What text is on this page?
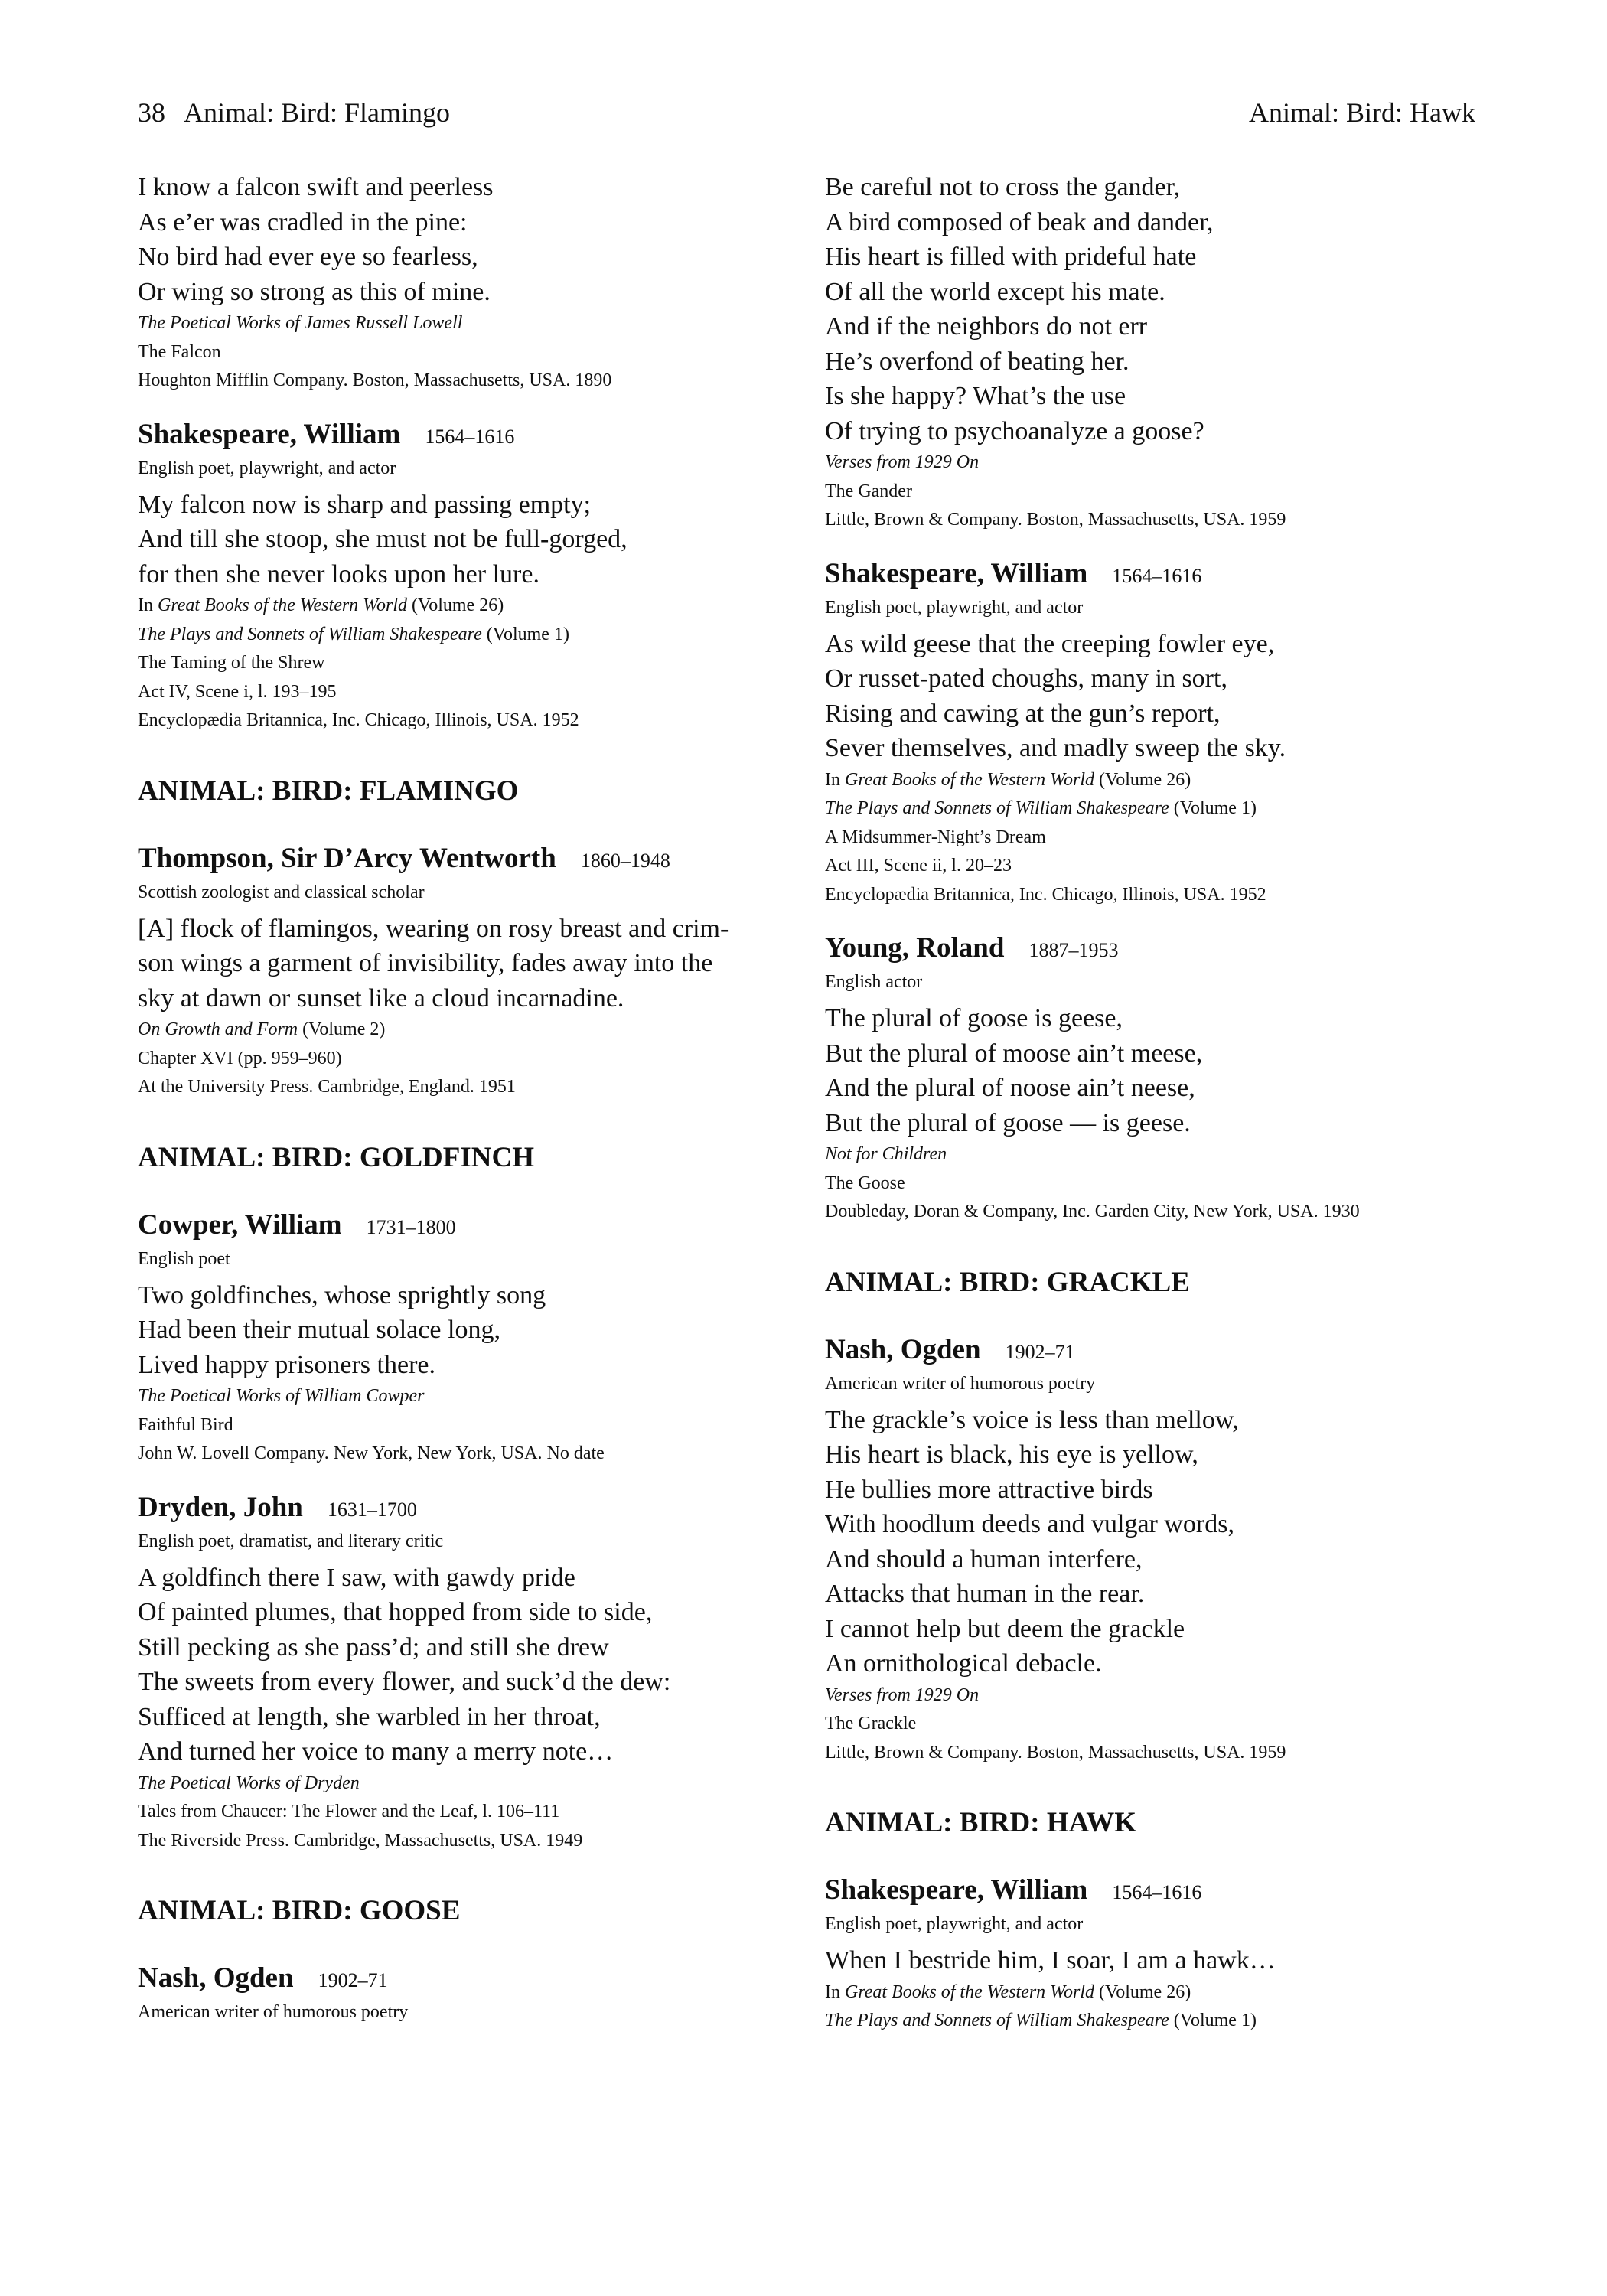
38 Animal: Bird: Flamingo	Animal: Bird: Hawk
I know a falcon swift and peerless
As e’er was cradled in the pine:
No bird had ever eye so fearless,
Or wing so strong as this of mine.
The Poetical Works of James Russell Lowell
The Falcon
Houghton Mifflin Company. Boston, Massachusetts, USA. 1890
Shakespeare, William 1564–1616
English poet, playwright, and actor
My falcon now is sharp and passing empty;
And till she stoop, she must not be full-gorged,
for then she never looks upon her lure.
In Great Books of the Western World (Volume 26)
The Plays and Sonnets of William Shakespeare (Volume 1)
The Taming of the Shrew
Act IV, Scene i, l. 193–195
Encyclopædia Britannica, Inc. Chicago, Illinois, USA. 1952
ANIMAL: BIRD: FLAMINGO
Thompson, Sir D’Arcy Wentworth 1860–1948
Scottish zoologist and classical scholar
[A] flock of flamingos, wearing on rosy breast and crim-
son wings a garment of invisibility, fades away into the
sky at dawn or sunset like a cloud incarnadine.
On Growth and Form (Volume 2)
Chapter XVI (pp. 959–960)
At the University Press. Cambridge, England. 1951
ANIMAL: BIRD: GOLDFINCH
Cowper, William 1731–1800
English poet
Two goldfinches, whose sprightly song
Had been their mutual solace long,
Lived happy prisoners there.
The Poetical Works of William Cowper
Faithful Bird
John W. Lovell Company. New York, New York, USA. No date
Dryden, John 1631–1700
English poet, dramatist, and literary critic
A goldfinch there I saw, with gawdy pride
Of painted plumes, that hopped from side to side,
Still pecking as she pass’d; and still she drew
The sweets from every flower, and suck’d the dew:
Sufficed at length, she warbled in her throat,
And turned her voice to many a merry note…
The Poetical Works of Dryden
Tales from Chaucer: The Flower and the Leaf, l. 106–111
The Riverside Press. Cambridge, Massachusetts, USA. 1949
ANIMAL: BIRD: GOOSE
Nash, Ogden 1902–71
American writer of humorous poetry
Be careful not to cross the gander,
A bird composed of beak and dander,
His heart is filled with prideful hate
Of all the world except his mate.
And if the neighbors do not err
He’s overfond of beating her.
Is she happy? What’s the use
Of trying to psychoanalyze a goose?
Verses from 1929 On
The Gander
Little, Brown & Company. Boston, Massachusetts, USA. 1959
Shakespeare, William 1564–1616
English poet, playwright, and actor
As wild geese that the creeping fowler eye,
Or russet-pated choughs, many in sort,
Rising and cawing at the gun’s report,
Sever themselves, and madly sweep the sky.
In Great Books of the Western World (Volume 26)
The Plays and Sonnets of William Shakespeare (Volume 1)
A Midsummer-Night’s Dream
Act III, Scene ii, l. 20–23
Encyclopædia Britannica, Inc. Chicago, Illinois, USA. 1952
Young, Roland 1887–1953
English actor
The plural of goose is geese,
But the plural of moose ain’t meese,
And the plural of noose ain’t neese,
But the plural of goose — is geese.
Not for Children
The Goose
Doubleday, Doran & Company, Inc. Garden City, New York, USA. 1930
ANIMAL: BIRD: GRACKLE
Nash, Ogden 1902–71
American writer of humorous poetry
The grackle’s voice is less than mellow,
His heart is black, his eye is yellow,
He bullies more attractive birds
With hoodlum deeds and vulgar words,
And should a human interfere,
Attacks that human in the rear.
I cannot help but deem the grackle
An ornithological debacle.
Verses from 1929 On
The Grackle
Little, Brown & Company. Boston, Massachusetts, USA. 1959
ANIMAL: BIRD: HAWK
Shakespeare, William 1564–1616
English poet, playwright, and actor
When I bestride him, I soar, I am a hawk…
In Great Books of the Western World (Volume 26)
The Plays and Sonnets of William Shakespeare (Volume 1)
